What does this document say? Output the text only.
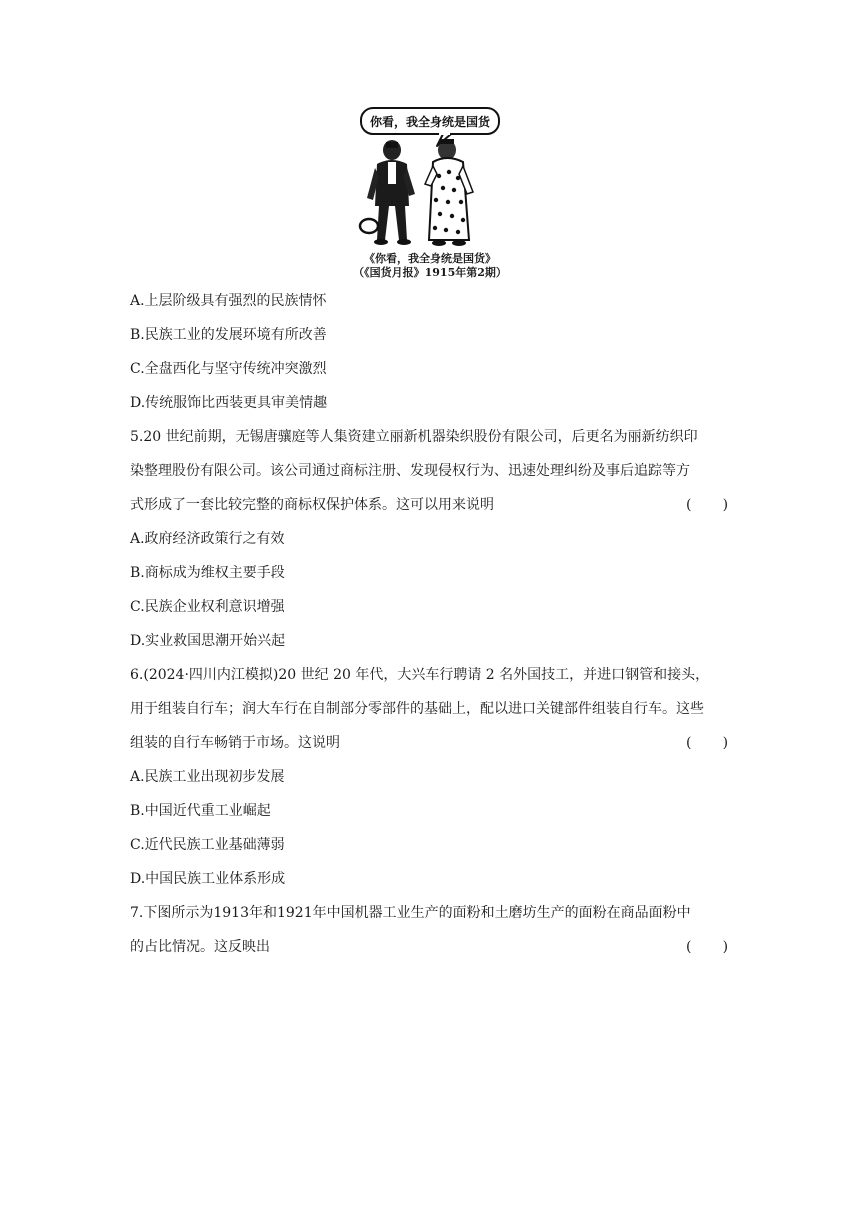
你看，我全身统是国货
《你看，我全身统是国货》
（《国货月报》1915年第2期）
A.上层阶级具有强烈的民族情怀
B.民族工业的发展环境有所改善
C.全盘西化与坚守传统冲突激烈
D.传统服饰比西装更具审美情趣
5.20 世纪前期，无锡唐骧庭等人集资建立丽新机器染织股份有限公司，后更名为丽新纺织印
染整理股份有限公司。该公司通过商标注册、发现侵权行为、迅速处理纠纷及事后追踪等方
式形成了一套比较完整的商标权保护体系。这可以用来说明	(       )
A.政府经济政策行之有效
B.商标成为维权主要手段
C.民族企业权利意识增强
D.实业救国思潮开始兴起
6.(2024·四川内江模拟)20 世纪 20 年代，大兴车行聘请 2 名外国技工，并进口钢管和接头，
用于组装自行车；润大车行在自制部分零部件的基础上，配以进口关键部件组装自行车。这些
组装的自行车畅销于市场。这说明	(       )
A.民族工业出现初步发展
B.中国近代重工业崛起
C.近代民族工业基础薄弱
D.中国民族工业体系形成
7.下图所示为1913年和1921年中国机器工业生产的面粉和土磨坊生产的面粉在商品面粉中
的占比情况。这反映出	(       )
